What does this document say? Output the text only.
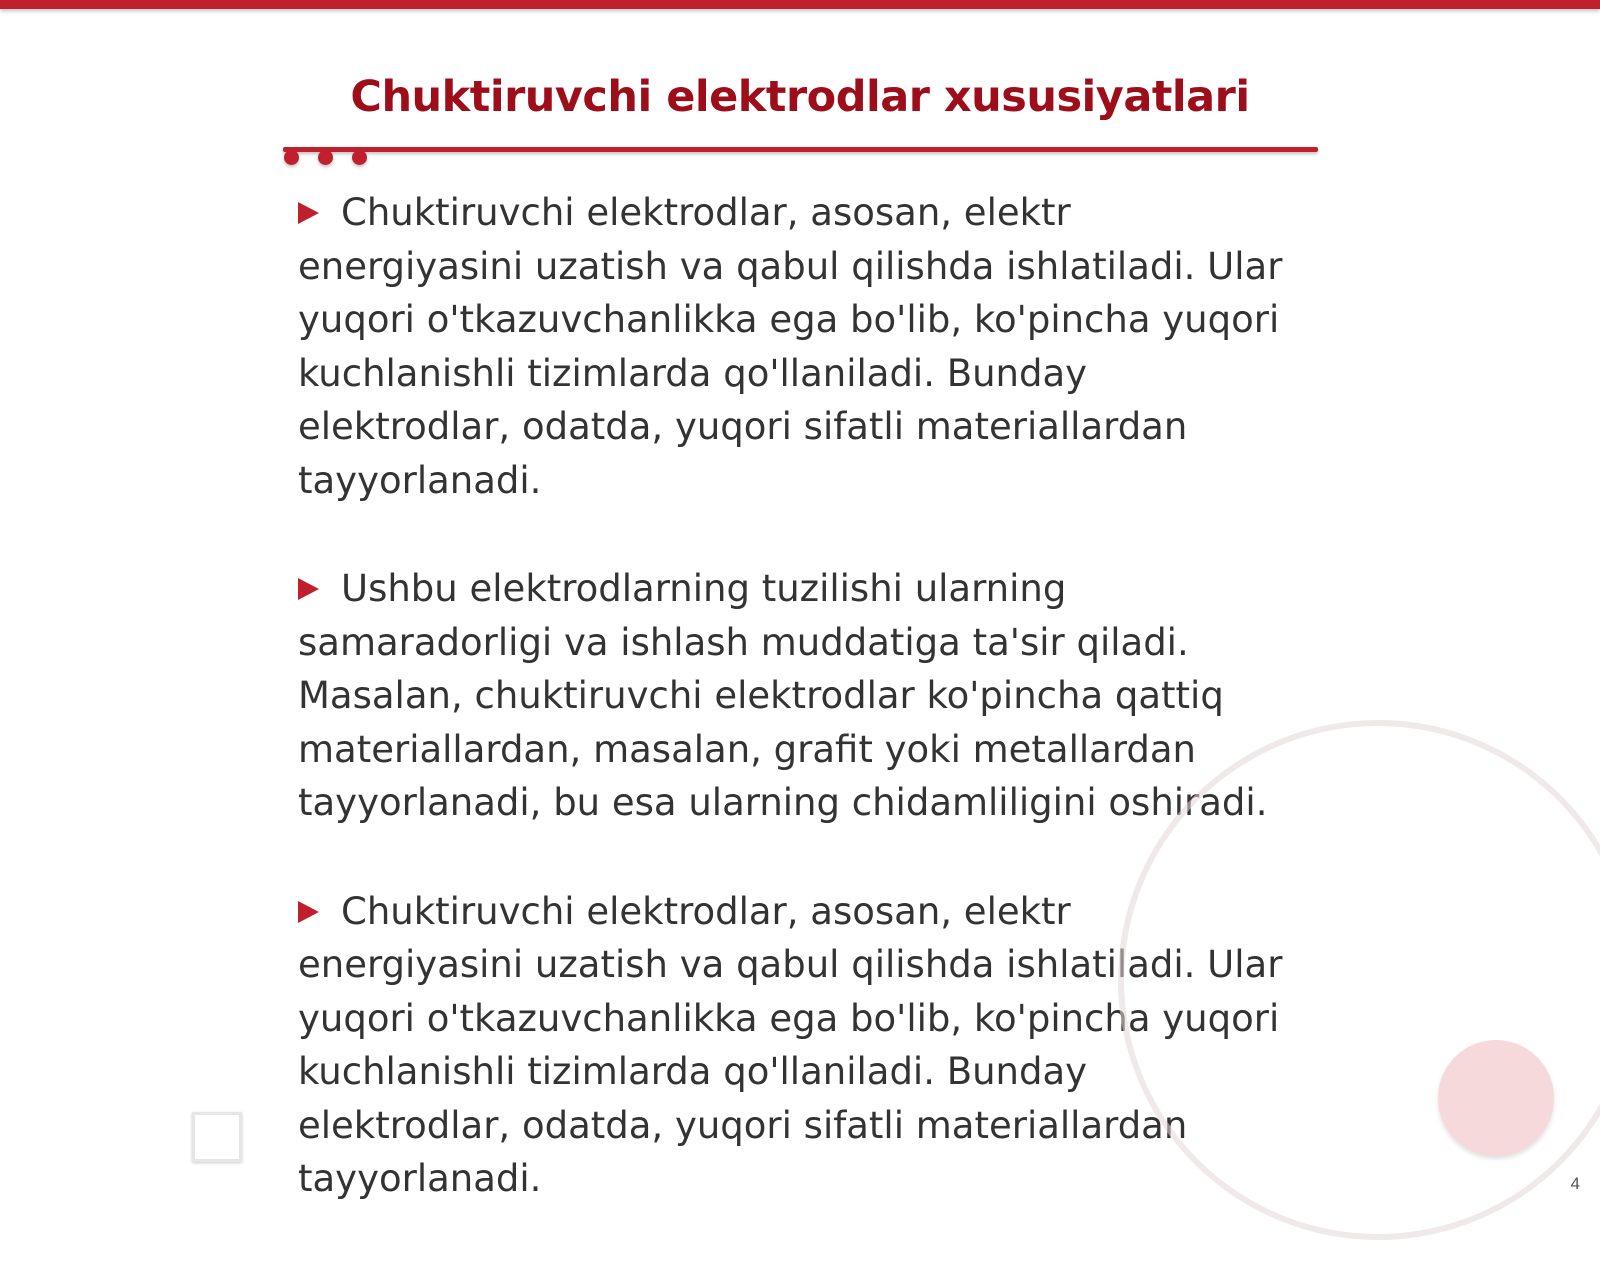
Chuktiruvchi elektrodlar xususiyatlari

Chuktiruvchi elektrodlar, asosan, elektr energiyasini uzatish va qabul qilishda ishlatiladi. Ular yuqori o'tkazuvchanlikka ega bo'lib, ko'pincha yuqori kuchlanishli tizimlarda qo'llaniladi. Bunday elektrodlar, odatda, yuqori sifatli materiallardan tayyorlanadi.

Ushbu elektrodlarning tuzilishi ularning samaradorligi va ishlash muddatiga ta'sir qiladi. Masalan, chuktiruvchi elektrodlar ko'pincha qattiq materiallardan, masalan, grafit yoki metallardan tayyorlanadi, bu esa ularning chidamliligini oshiradi.

Chuktiruvchi elektrodlar, asosan, elektr energiyasini uzatish va qabul qilishda ishlatiladi. Ular yuqori o'tkazuvchanlikka ega bo'lib, ko'pincha yuqori kuchlanishli tizimlarda qo'llaniladi. Bunday elektrodlar, odatda, yuqori sifatli materiallardan tayyorlanadi.	4
